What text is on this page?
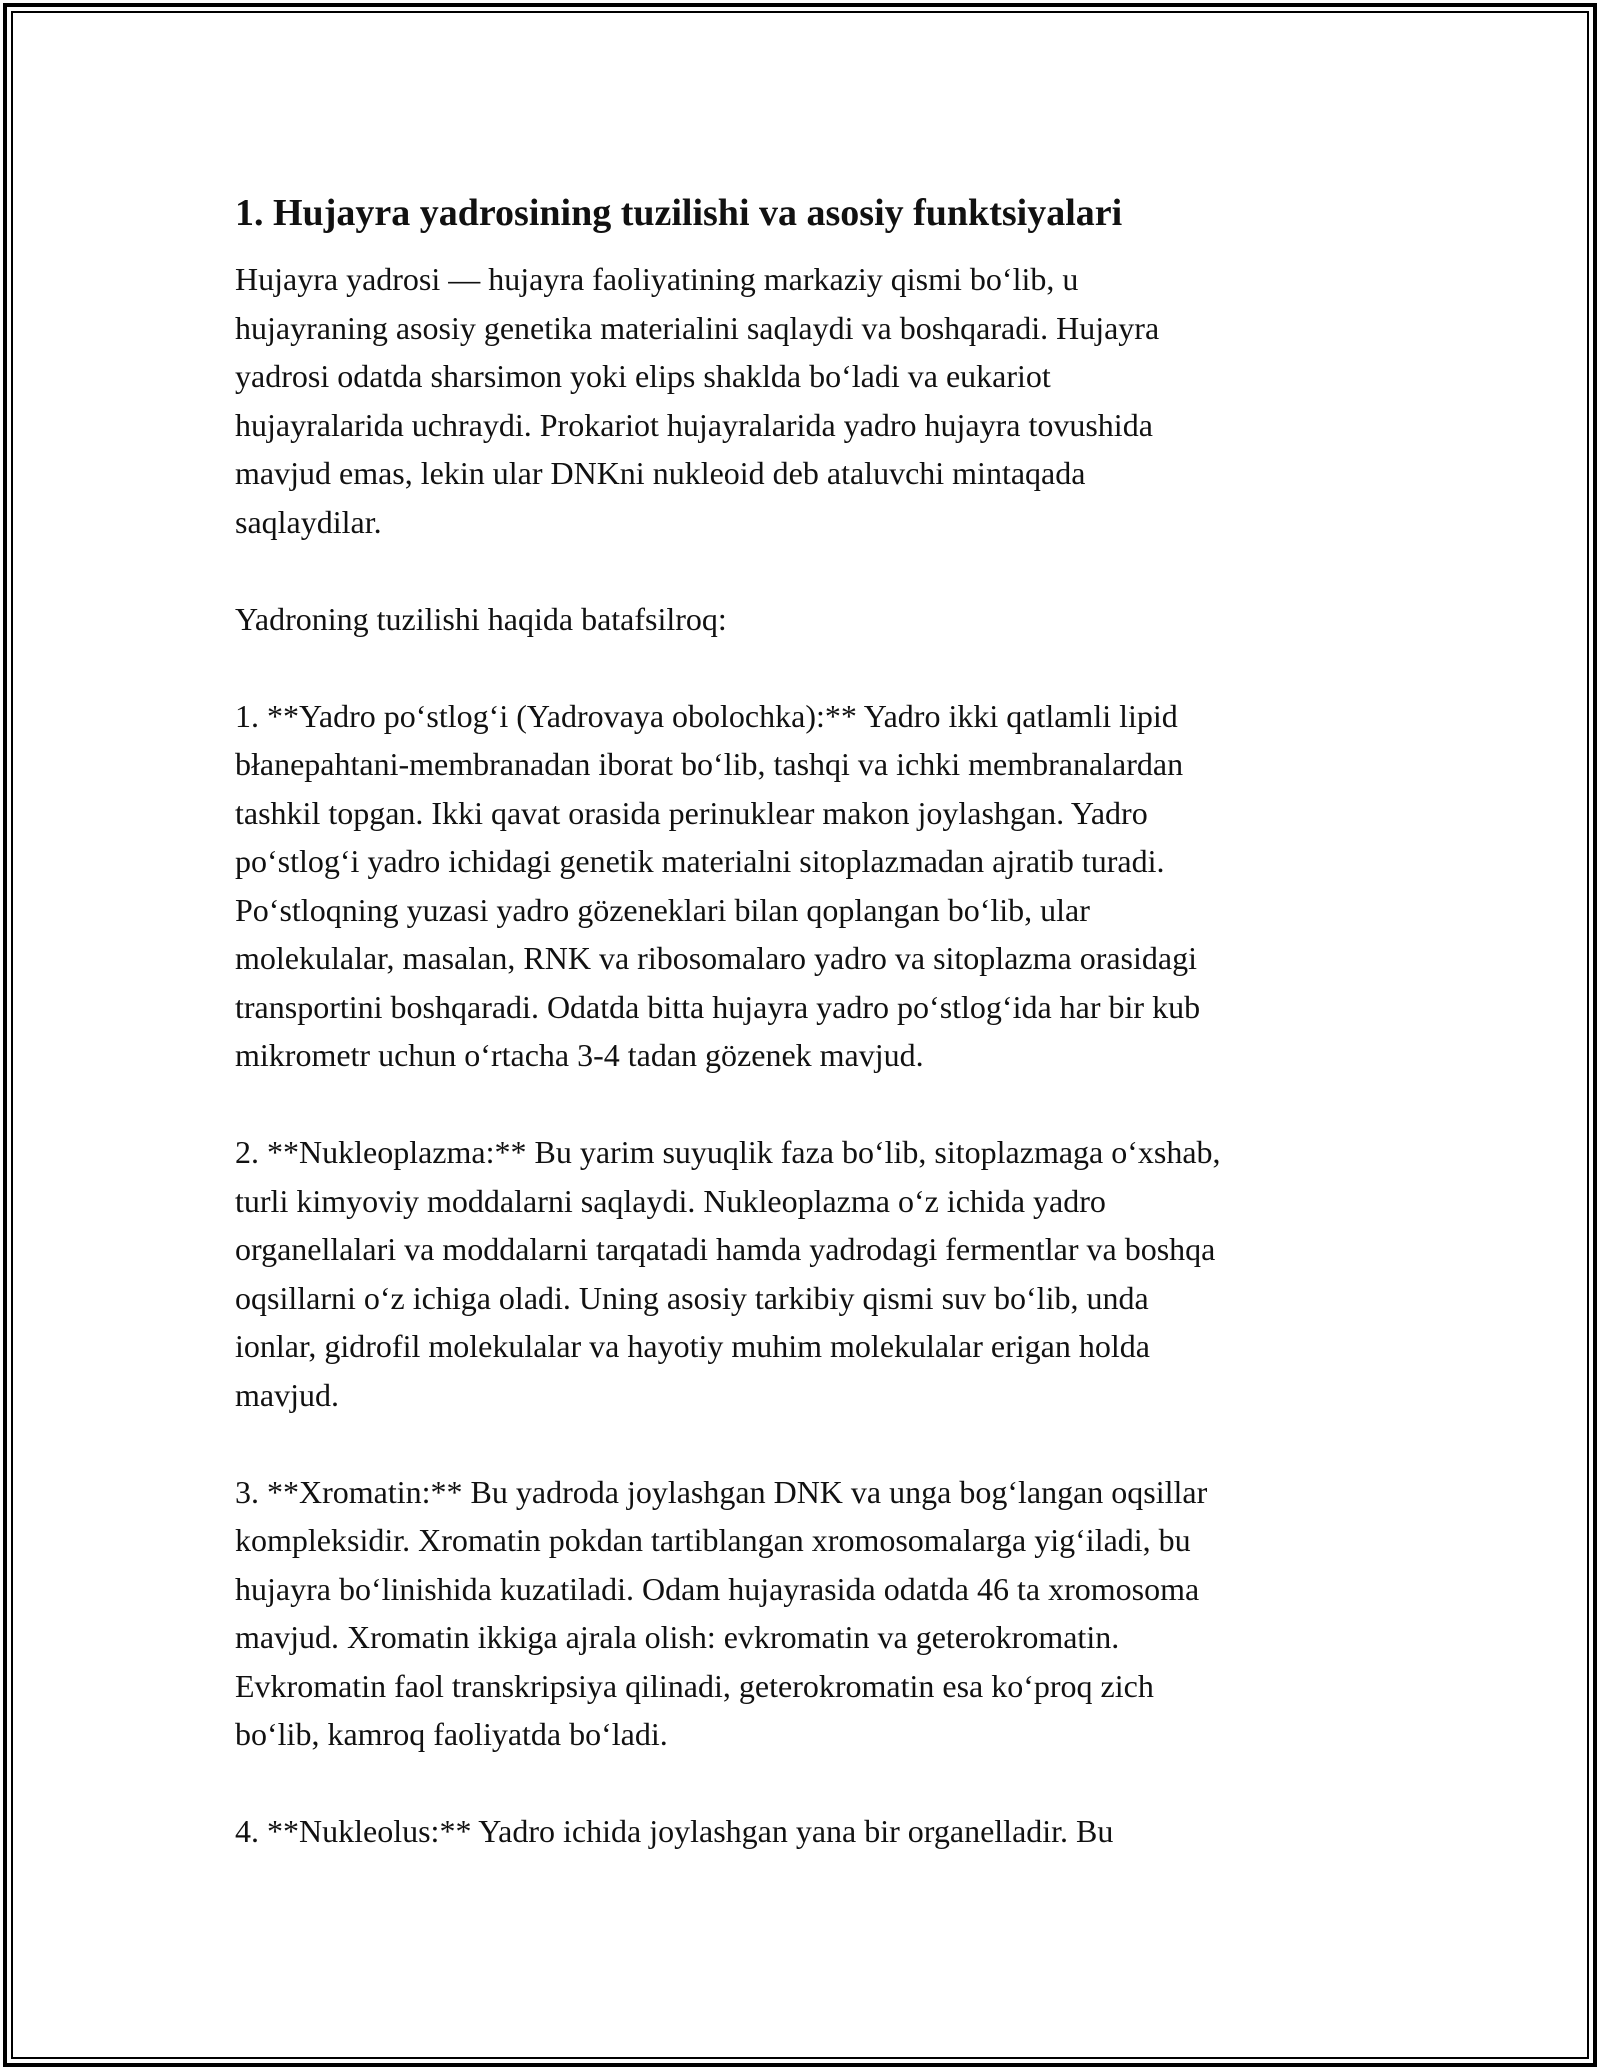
1. Hujayra yadrosining tuzilishi va asosiy funktsiyalari

Hujayra yadrosi — hujayra faoliyatining markaziy qismi bo‘lib, u
hujayraning asosiy genetika materialini saqlaydi va boshqaradi. Hujayra
yadrosi odatda sharsimon yoki elips shaklda bo‘ladi va eukariot
hujayralarida uchraydi. Prokariot hujayralarida yadro hujayra tovushida
mavjud emas, lekin ular DNKni nukleoid deb ataluvchi mintaqada
saqlaydilar.

Yadroning tuzilishi haqida batafsilroq:

1. **Yadro po‘stlog‘i (Yadrovaya obolochka):** Yadro ikki qatlamli lipid
błanepahtani-membranadan iborat bo‘lib, tashqi va ichki membranalardan
tashkil topgan. Ikki qavat orasida perinuklear makon joylashgan. Yadro
po‘stlog‘i yadro ichidagi genetik materialni sitoplazmadan ajratib turadi.
Po‘stloqning yuzasi yadro gözeneklari bilan qoplangan bo‘lib, ular
molekulalar, masalan, RNK va ribosomalaro yadro va sitoplazma orasidagi
transportini boshqaradi. Odatda bitta hujayra yadro po‘stlog‘ida har bir kub
mikrometr uchun o‘rtacha 3-4 tadan gözenek mavjud.

2. **Nukleoplazma:** Bu yarim suyuqlik faza bo‘lib, sitoplazmaga o‘xshab,
turli kimyoviy moddalarni saqlaydi. Nukleoplazma o‘z ichida yadro
organellalari va moddalarni tarqatadi hamda yadrodagi fermentlar va boshqa
oqsillarni o‘z ichiga oladi. Uning asosiy tarkibiy qismi suv bo‘lib, unda
ionlar, gidrofil molekulalar va hayotiy muhim molekulalar erigan holda
mavjud.

3. **Xromatin:** Bu yadroda joylashgan DNK va unga bog‘langan oqsillar
kompleksidir. Xromatin pokdan tartiblangan xromosomalarga yig‘iladi, bu
hujayra bo‘linishida kuzatiladi. Odam hujayrasida odatda 46 ta xromosoma
mavjud. Xromatin ikkiga ajrala olish: evkromatin va geterokromatin.
Evkromatin faol transkripsiya qilinadi, geterokromatin esa ko‘proq zich
bo‘lib, kamroq faoliyatda bo‘ladi.

4. **Nukleolus:** Yadro ichida joylashgan yana bir organelladir. Bu
